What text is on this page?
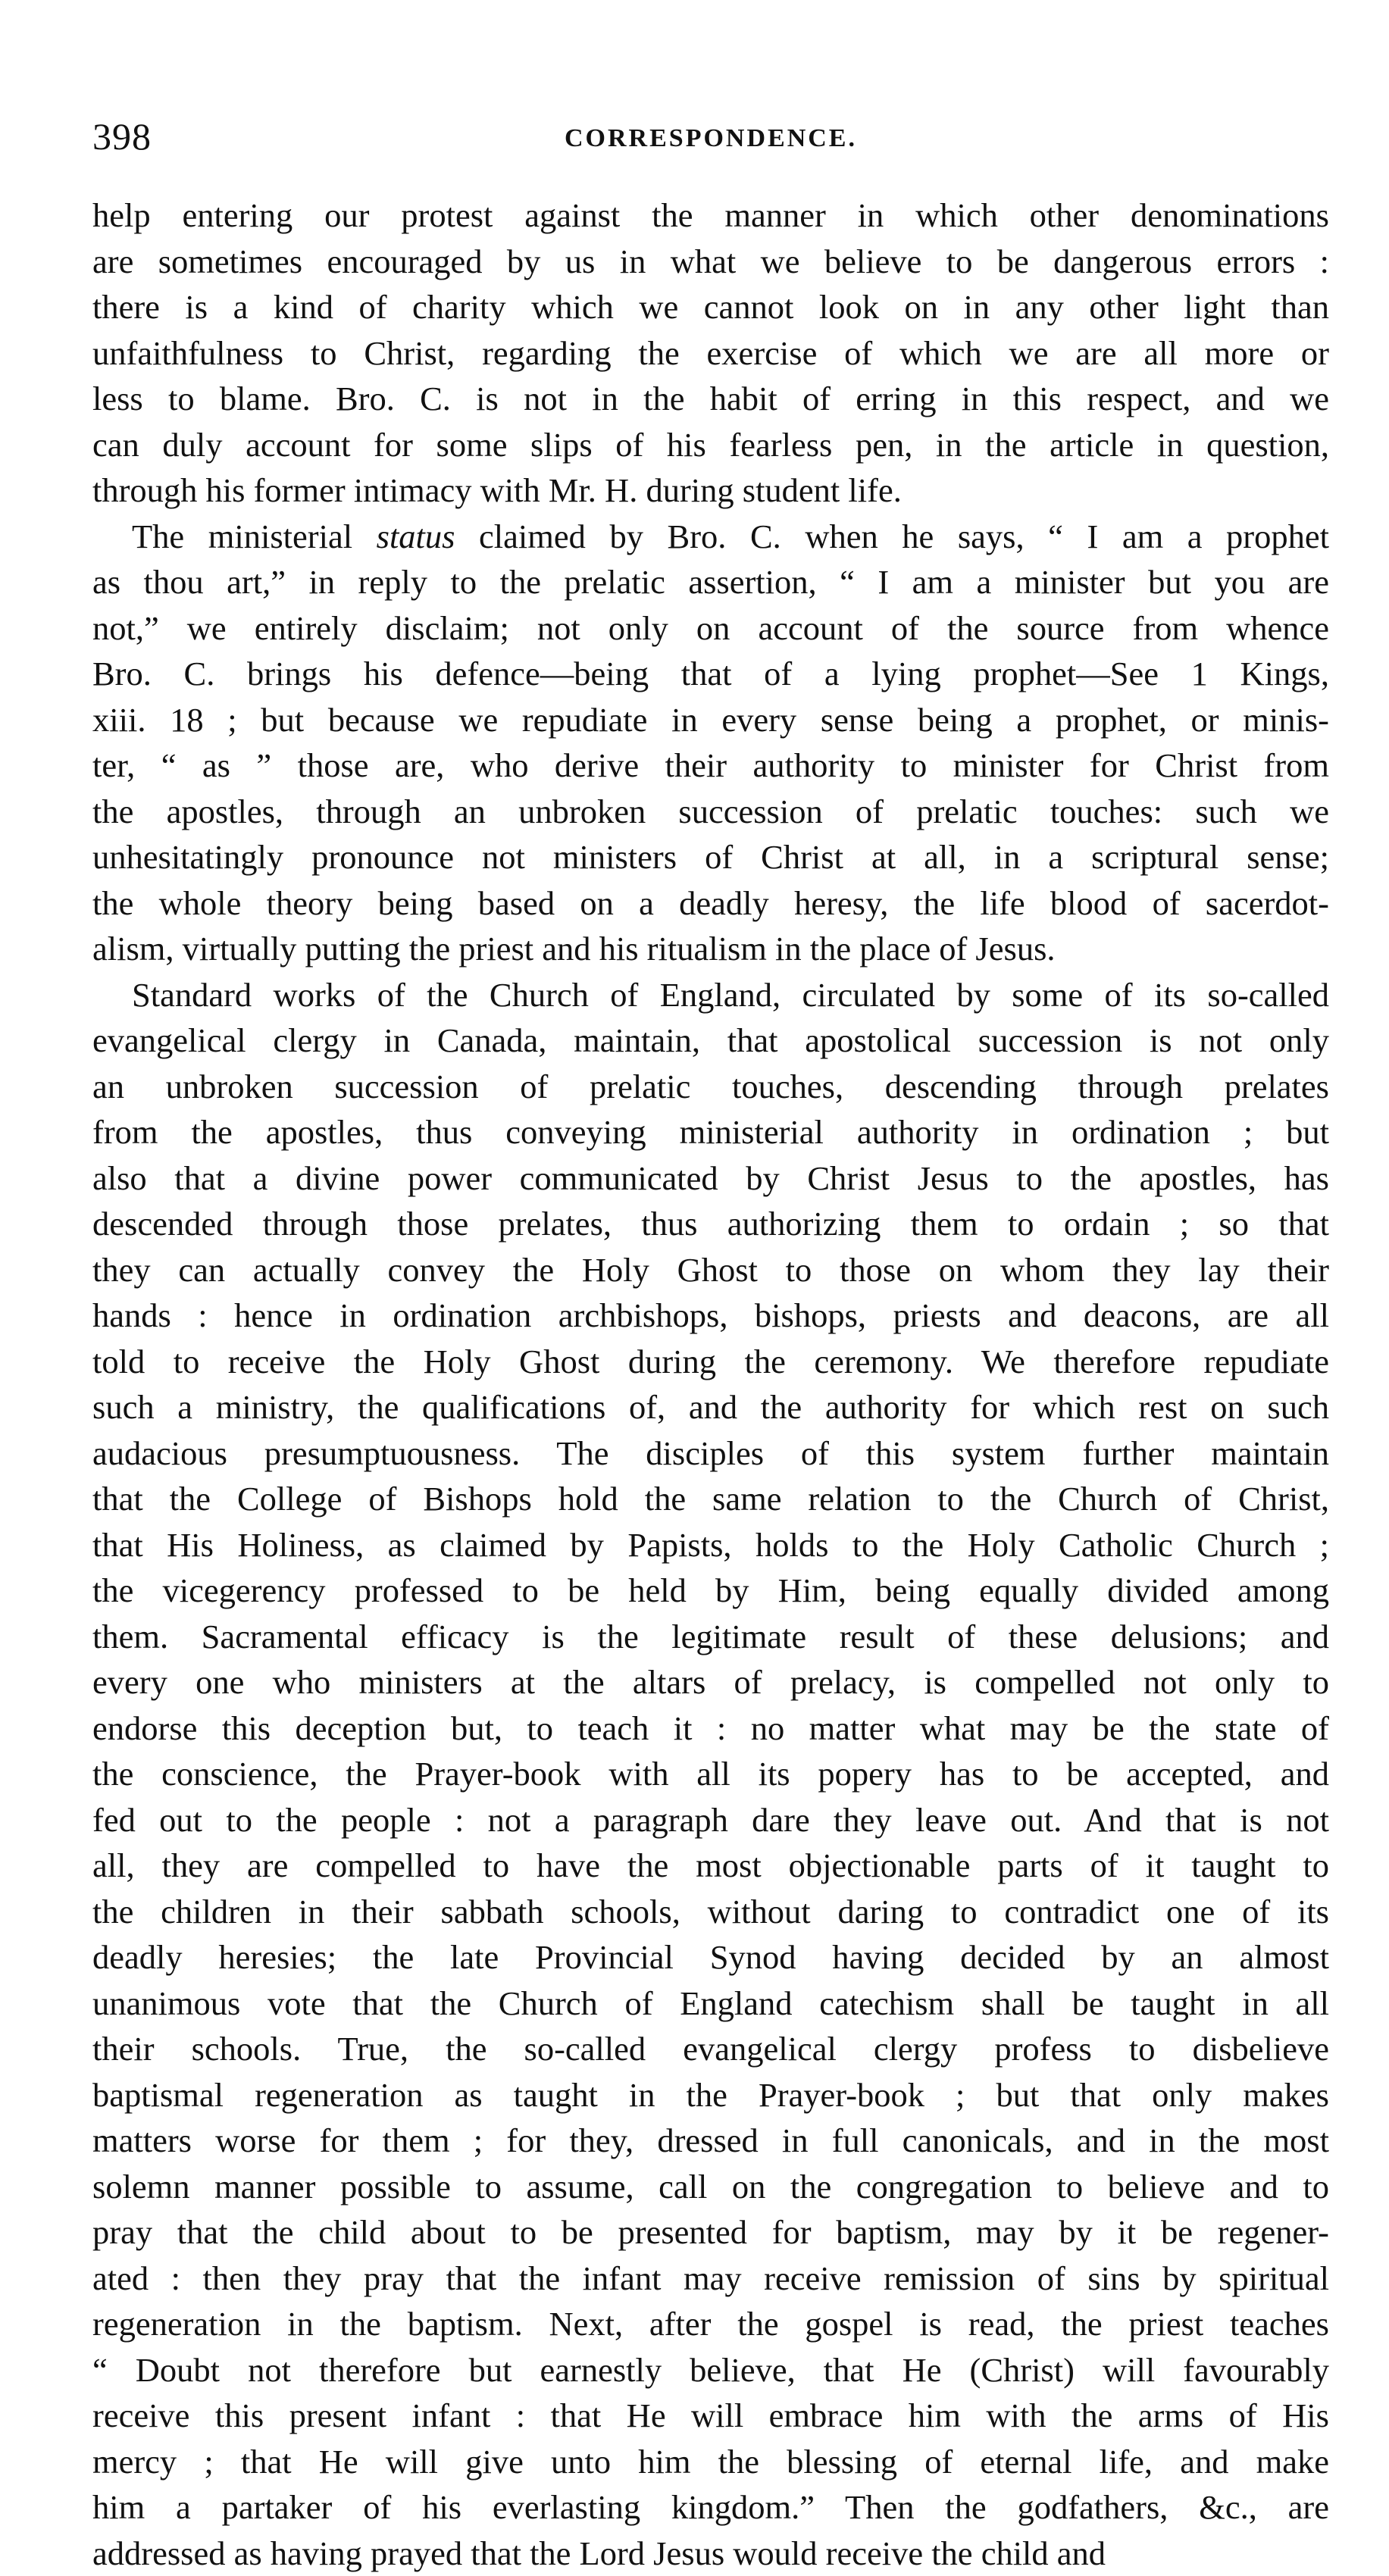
398	CORRESPONDENCE.
help entering our protest against the manner in which other denominations
are sometimes encouraged by us in what we believe to be dangerous errors :
there is a kind of charity which we cannot look on in any other light than
unfaithfulness to Christ, regarding the exercise of which we are all more or
less to blame. Bro. C. is not in the habit of erring in this respect, and we
can duly account for some slips of his fearless pen, in the article in question,
through his former intimacy with Mr. H. during student life.
The ministerial status claimed by Bro. C. when he says, “ I am a prophet
as thou art,” in reply to the prelatic assertion, “ I am a minister but you are
not,” we entirely disclaim; not only on account of the source from whence
Bro. C. brings his defence—being that of a lying prophet—See 1 Kings,
xiii. 18 ; but because we repudiate in every sense being a prophet, or minis-
ter, “ as ” those are, who derive their authority to minister for Christ from
the apostles, through an unbroken succession of prelatic touches: such we
unhesitatingly pronounce not ministers of Christ at all, in a scriptural sense;
the whole theory being based on a deadly heresy, the life blood of sacerdot-
alism, virtually putting the priest and his ritualism in the place of Jesus.
Standard works of the Church of England, circulated by some of its so-called
evangelical clergy in Canada, maintain, that apostolical succession is not only
an unbroken succession of prelatic touches, descending through prelates
from the apostles, thus conveying ministerial authority in ordination ; but
also that a divine power communicated by Christ Jesus to the apostles, has
descended through those prelates, thus authorizing them to ordain ; so that
they can actually convey the Holy Ghost to those on whom they lay their
hands : hence in ordination archbishops, bishops, priests and deacons, are all
told to receive the Holy Ghost during the ceremony. We therefore repudiate
such a ministry, the qualifications of, and the authority for which rest on such
audacious presumptuousness. The disciples of this system further maintain
that the College of Bishops hold the same relation to the Church of Christ,
that His Holiness, as claimed by Papists, holds to the Holy Catholic Church ;
the vicegerency professed to be held by Him, being equally divided among
them. Sacramental efficacy is the legitimate result of these delusions; and
every one who ministers at the altars of prelacy, is compelled not only to
endorse this deception but, to teach it : no matter what may be the state of
the conscience, the Prayer-book with all its popery has to be accepted, and
fed out to the people : not a paragraph dare they leave out. And that is not
all, they are compelled to have the most objectionable parts of it taught to
the children in their sabbath schools, without daring to contradict one of its
deadly heresies; the late Provincial Synod having decided by an almost
unanimous vote that the Church of England catechism shall be taught in all
their schools. True, the so-called evangelical clergy profess to disbelieve
baptismal regeneration as taught in the Prayer-book ; but that only makes
matters worse for them ; for they, dressed in full canonicals, and in the most
solemn manner possible to assume, call on the congregation to believe and to
pray that the child about to be presented for baptism, may by it be regener-
ated : then they pray that the infant may receive remission of sins by spiritual
regeneration in the baptism. Next, after the gospel is read, the priest teaches
“ Doubt not therefore but earnestly believe, that He (Christ) will favourably
receive this present infant : that He will embrace him with the arms of His
mercy ; that He will give unto him the blessing of eternal life, and make
him a partaker of his everlasting kingdom.” Then the godfathers, &c., are
addressed as having prayed that the Lord Jesus would receive the child and
